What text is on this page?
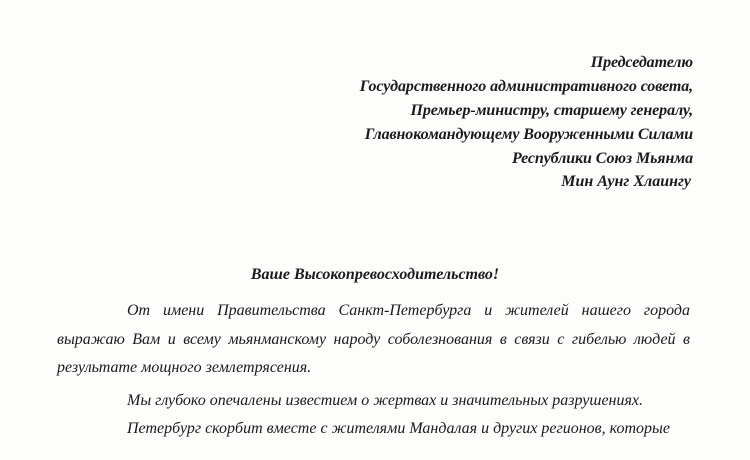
Председателю
Государственного административного совета,
Премьер-министру, старшему генералу,
Главнокомандующему Вооруженными Силами
Республики Союз Мьянма
Мин Аунг Хлаингу
Ваше Высокопревосходительство!

От имени Правительства Санкт-Петербурга и жителей нашего города выражаю Вам и всему мьянманскому народу соболезнования в связи с гибелью людей в результате мощного землетрясения.

Мы глубоко опечалены известием о жертвах и значительных разрушениях.

Петербург скорбит вместе с жителями Мандалая и других регионов, которые
